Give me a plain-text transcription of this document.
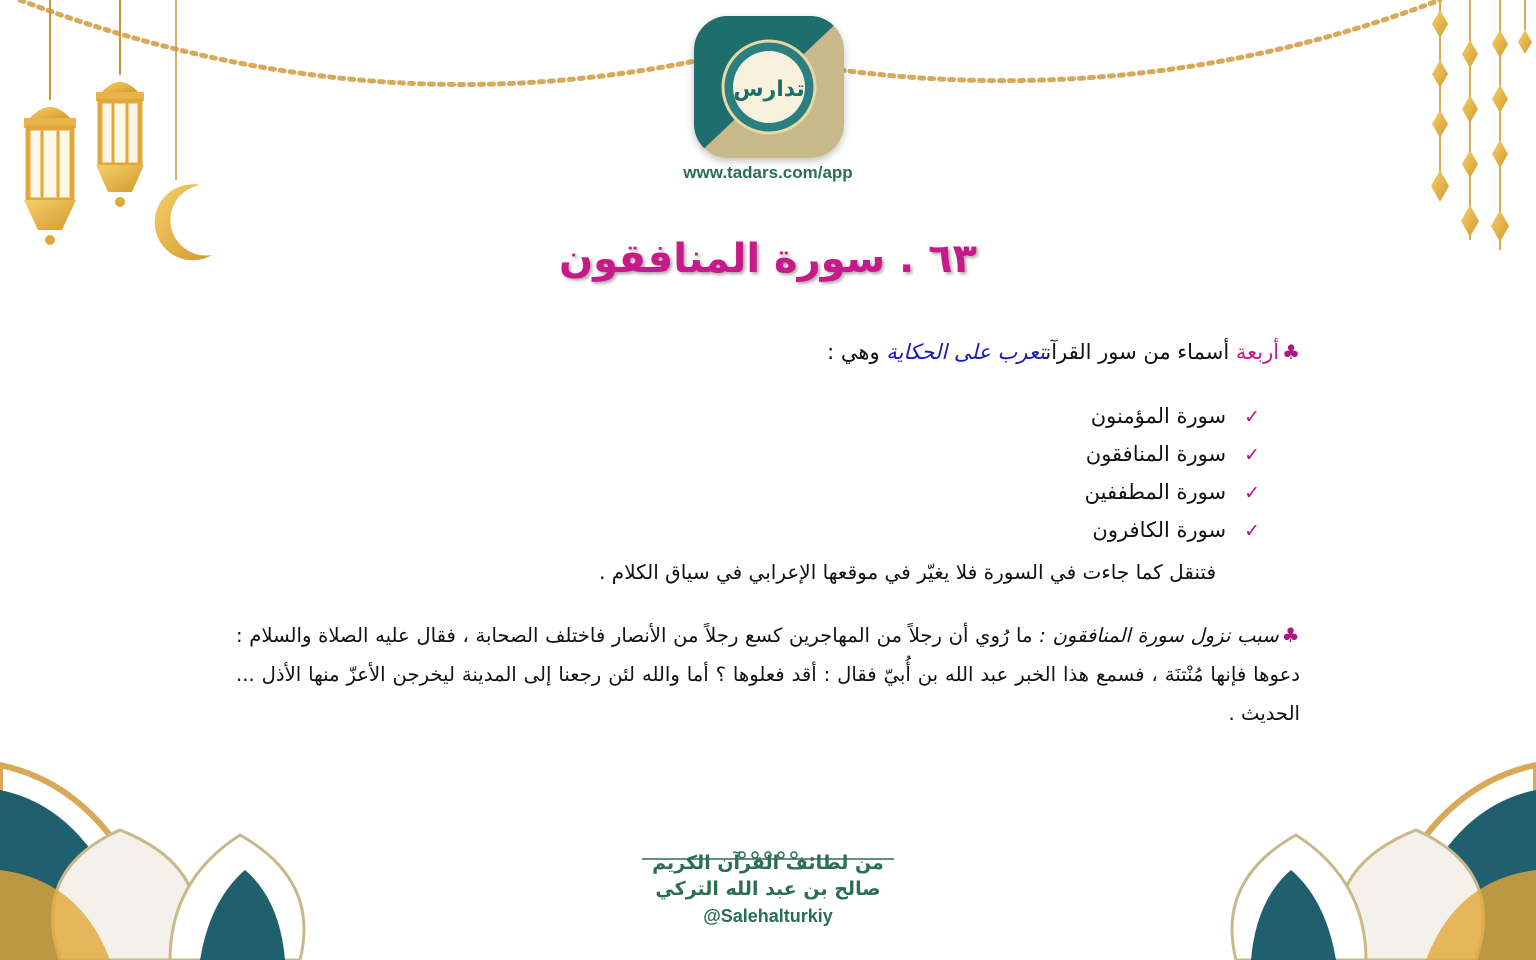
تدارس
www.tadars.com/app
٦٣ . سورة المنافقون
♣أربعة أسماء من سور القرآنتعرب على الحكاية وهي :
✓سورة المؤمنون
✓سورة المنافقون
✓سورة المطففين
✓سورة الكافرون
فتنقل كما جاءت في السورة فلا يغيّر في موقعها الإعرابي في سياق الكلام .
♣سبب نزول سورة المنافقون : ما رُوي أن رجلاً من المهاجرين كسع رجلاً من الأنصار فاختلف الصحابة ، فقال عليه الصلاة والسلام : دعوها فإنها مُنْتنَة ، فسمع هذا الخبر عبد الله بن أُبيّ فقال : أقد فعلوها ؟ أما والله لئن رجعنا إلى المدينة ليخرجن الأعزّ منها الأذل ... الحديث .
من لطائف القرآن الكريم
صالح بن عبد الله التركي
@Salehalturkiy
